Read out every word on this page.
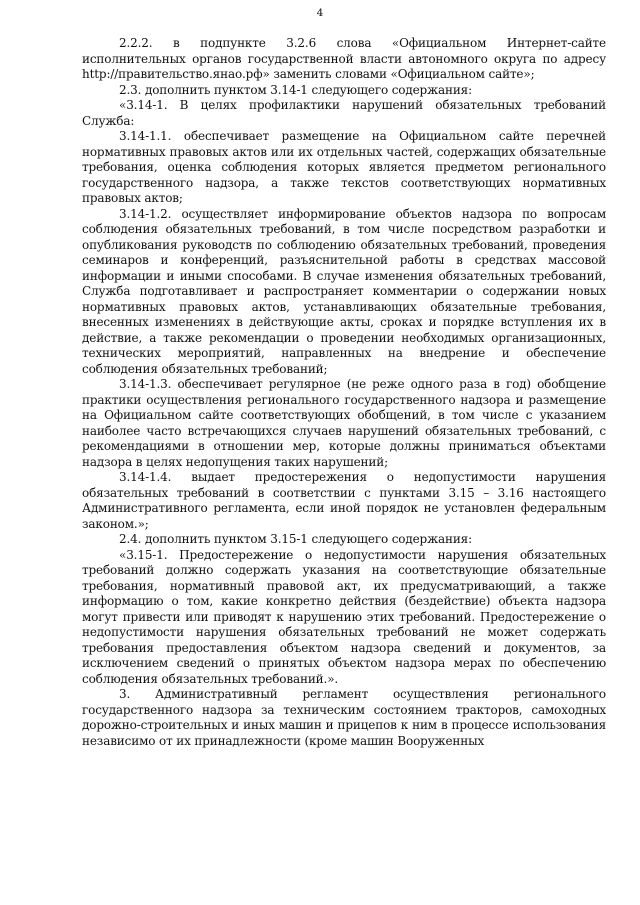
4

2.2.2. в подпункте 3.2.6 слова «Официальном Интернет-сайте исполнительных органов государственной власти автономного округа по адресу http://правительство.янао.рф» заменить словами «Официальном сайте»;

2.3. дополнить пунктом 3.14-1 следующего содержания:

«3.14-1. В целях профилактики нарушений обязательных требований Служба:

3.14-1.1. обеспечивает размещение на Официальном сайте перечней нормативных правовых актов или их отдельных частей, содержащих обязательные требования, оценка соблюдения которых является предметом регионального государственного надзора, а также текстов соответствующих нормативных правовых актов;

3.14-1.2. осуществляет информирование объектов надзора по вопросам соблюдения обязательных требований, в том числе посредством разработки и опубликования руководств по соблюдению обязательных требований, проведения семинаров и конференций, разъяснительной работы в средствах массовой информации и иными способами. В случае изменения обязательных требований, Служба подготавливает и распространяет комментарии о содержании новых нормативных правовых актов, устанавливающих обязательные требования, внесенных изменениях в действующие акты, сроках и порядке вступления их в действие, а также рекомендации о проведении необходимых организационных, технических мероприятий, направленных на внедрение и обеспечение соблюдения обязательных требований;

3.14-1.3. обеспечивает регулярное (не реже одного раза в год) обобщение практики осуществления регионального государственного надзора и размещение на Официальном сайте соответствующих обобщений, в том числе с указанием наиболее часто встречающихся случаев нарушений обязательных требований, с рекомендациями в отношении мер, которые должны приниматься объектами надзора в целях недопущения таких нарушений;

3.14-1.4. выдает предостережения о недопустимости нарушения обязательных требований в соответствии с пунктами 3.15 – 3.16 настоящего Административного регламента, если иной порядок не установлен федеральным законом.»;

2.4. дополнить пунктом 3.15-1 следующего содержания:

«3.15-1. Предостережение о недопустимости нарушения обязательных требований должно содержать указания на соответствующие обязательные требования, нормативный правовой акт, их предусматривающий, а также информацию о том, какие конкретно действия (бездействие) объекта надзора могут привести или приводят к нарушению этих требований. Предостережение о недопустимости нарушения обязательных требований не может содержать требования предоставления объектом надзора сведений и документов, за исключением сведений о принятых объектом надзора мерах по обеспечению соблюдения обязательных требований.».

3. Административный регламент осуществления регионального государственного надзора за техническим состоянием тракторов, самоходных дорожно-строительных и иных машин и прицепов к ним в процессе использования независимо от их принадлежности (кроме машин Вооруженных
